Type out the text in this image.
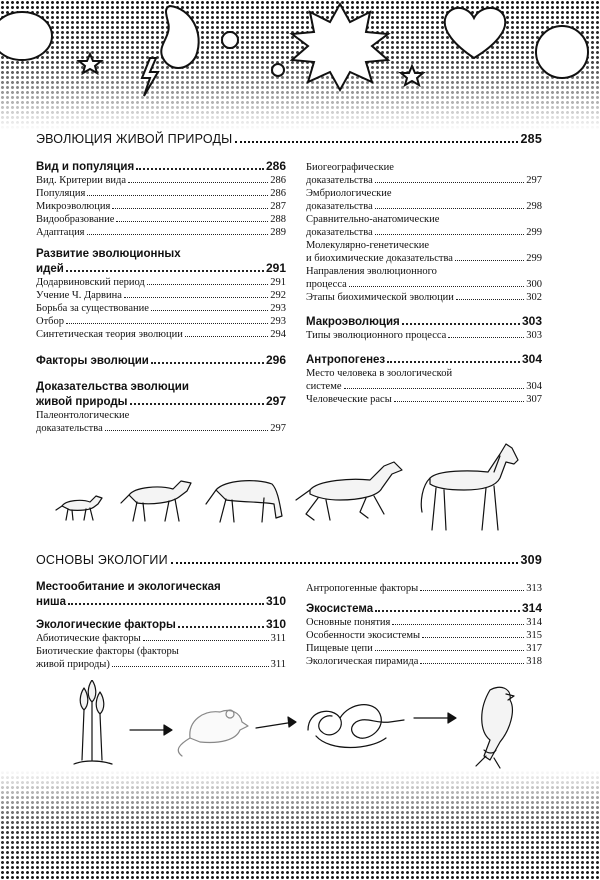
ЭВОЛЮЦИЯ ЖИВОЙ ПРИРОДЫ	285
Вид и популяция	286
Вид. Критерии вида	286
Популяция	286
Микроэволюция	287
Видообразование	288
Адаптация	289
Развитие эволюционных
идей	291
Додарвиновский период	291
Учение Ч. Дарвина	292
Борьба за существование	293
Отбор	293
Синтетическая теория эволюции	294
Факторы эволюции	296
Доказательства эволюции
живой природы	297
Палеонтологические
доказательства	297
Биогеографические
доказательства	297
Эмбриологические
доказательства	298
Сравнительно-анатомические
доказательства	299
Молекулярно-генетические
и биохимические доказательства	299
Направления эволюционного
процесса	300
Этапы биохимической эволюции	302
Макроэволюция	303
Типы эволюционного процесса	303
Антропогенез	304
Место человека в зоологической
системе	304
Человеческие расы	307
ОСНОВЫ ЭКОЛОГИИ	309
Местообитание и экологическая
ниша	310
Экологические факторы	310
Абиотические факторы	311
Биотические факторы (факторы
живой природы)	311
Антропогенные факторы	313
Экосистема	314
Основные понятия	314
Особенности экосистемы	315
Пищевые цепи	317
Экологическая пирамида	318
